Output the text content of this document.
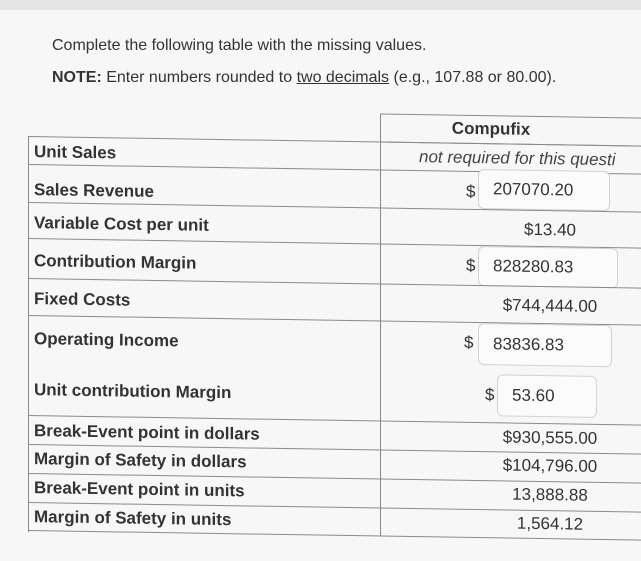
Complete the following table with the missing values.
NOTE: Enter numbers rounded to two decimals (e.g., 107.88 or 80.00).
Compufix
Unit Sales	not required for this questi
Sales Revenue	$	207070.20
Variable Cost per unit	$13.40
Contribution Margin	$	828280.83
Fixed Costs	$744,444.00
Operating Income	$	83836.83
Unit contribution Margin	$	53.60
Break-Event point in dollars	$930,555.00
Margin of Safety in dollars	$104,796.00
Break-Event point in units	13,888.88
Margin of Safety in units	1,564.12
